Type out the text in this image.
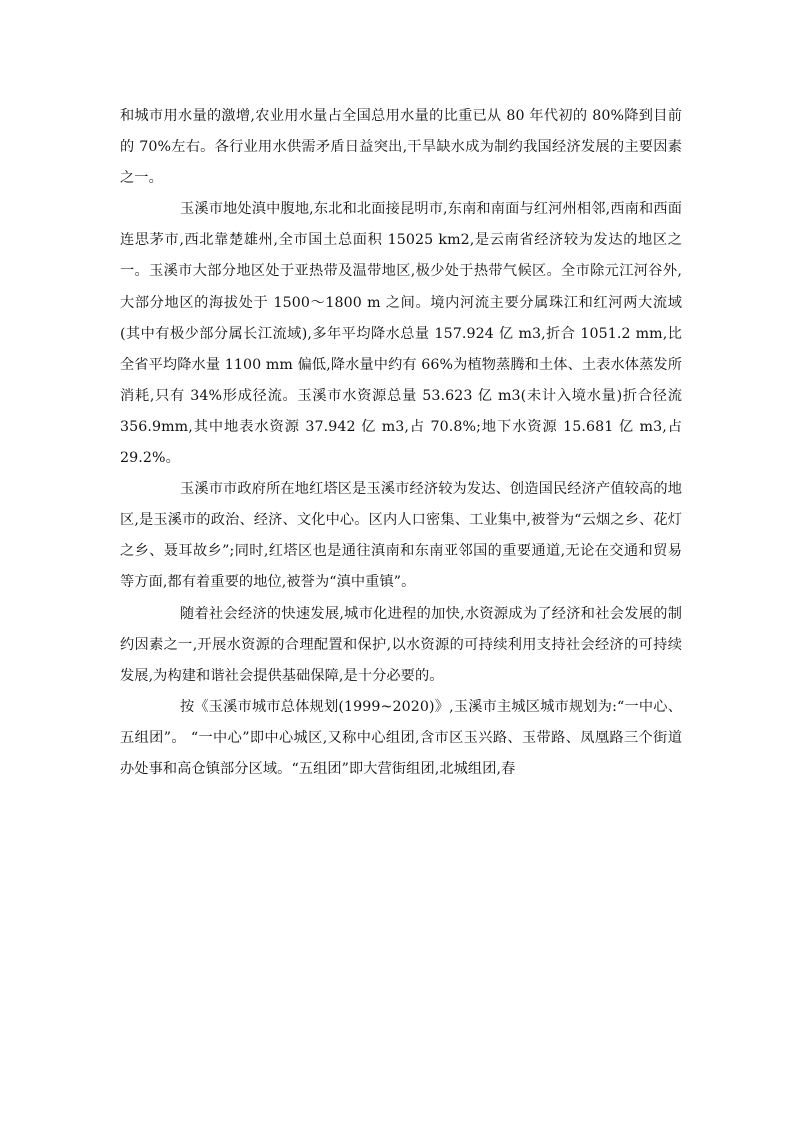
和城市用水量的激增,农业用水量占全国总用水量的比重已从 80 年代初的 80%降到目前的 70%左右。各行业用水供需矛盾日益突出,干旱缺水成为制约我国经济发展的主要因素之一。

玉溪市地处滇中腹地,东北和北面接昆明市,东南和南面与红河州相邻,西南和西面连思茅市,西北靠楚雄州,全市国土总面积 15025 km2,是云南省经济较为发达的地区之一。玉溪市大部分地区处于亚热带及温带地区,极少处于热带气候区。全市除元江河谷外,大部分地区的海拔处于 1500～1800 m 之间。境内河流主要分属珠江和红河两大流域(其中有极少部分属长江流域),多年平均降水总量 157.924 亿 m3,折合 1051.2 mm,比全省平均降水量 1100 mm 偏低,降水量中约有 66%为植物蒸腾和土体、土表水体蒸发所消耗,只有 34%形成径流。玉溪市水资源总量 53.623 亿 m3(未计入境水量)折合径流 356.9mm,其中地表水资源 37.942 亿 m3,占 70.8%;地下水资源 15.681 亿 m3,占 29.2%。

玉溪市市政府所在地红塔区是玉溪市经济较为发达、创造国民经济产值较高的地区,是玉溪市的政治、经济、文化中心。区内人口密集、工业集中,被誉为“云烟之乡、花灯之乡、聂耳故乡”;同时,红塔区也是通往滇南和东南亚邻国的重要通道,无论在交通和贸易等方面,都有着重要的地位,被誉为“滇中重镇”。

随着社会经济的快速发展,城市化进程的加快,水资源成为了经济和社会发展的制约因素之一,开展水资源的合理配置和保护,以水资源的可持续利用支持社会经济的可持续发展,为构建和谐社会提供基础保障,是十分必要的。

按《玉溪市城市总体规划(1999~2020)》,玉溪市主城区城市规划为:“一中心、五组团”。 “一中心”即中心城区,又称中心组团,含市区玉兴路、玉带路、凤凰路三个街道办处事和高仓镇部分区域。“五组团”即大营街组团,北城组团,春
